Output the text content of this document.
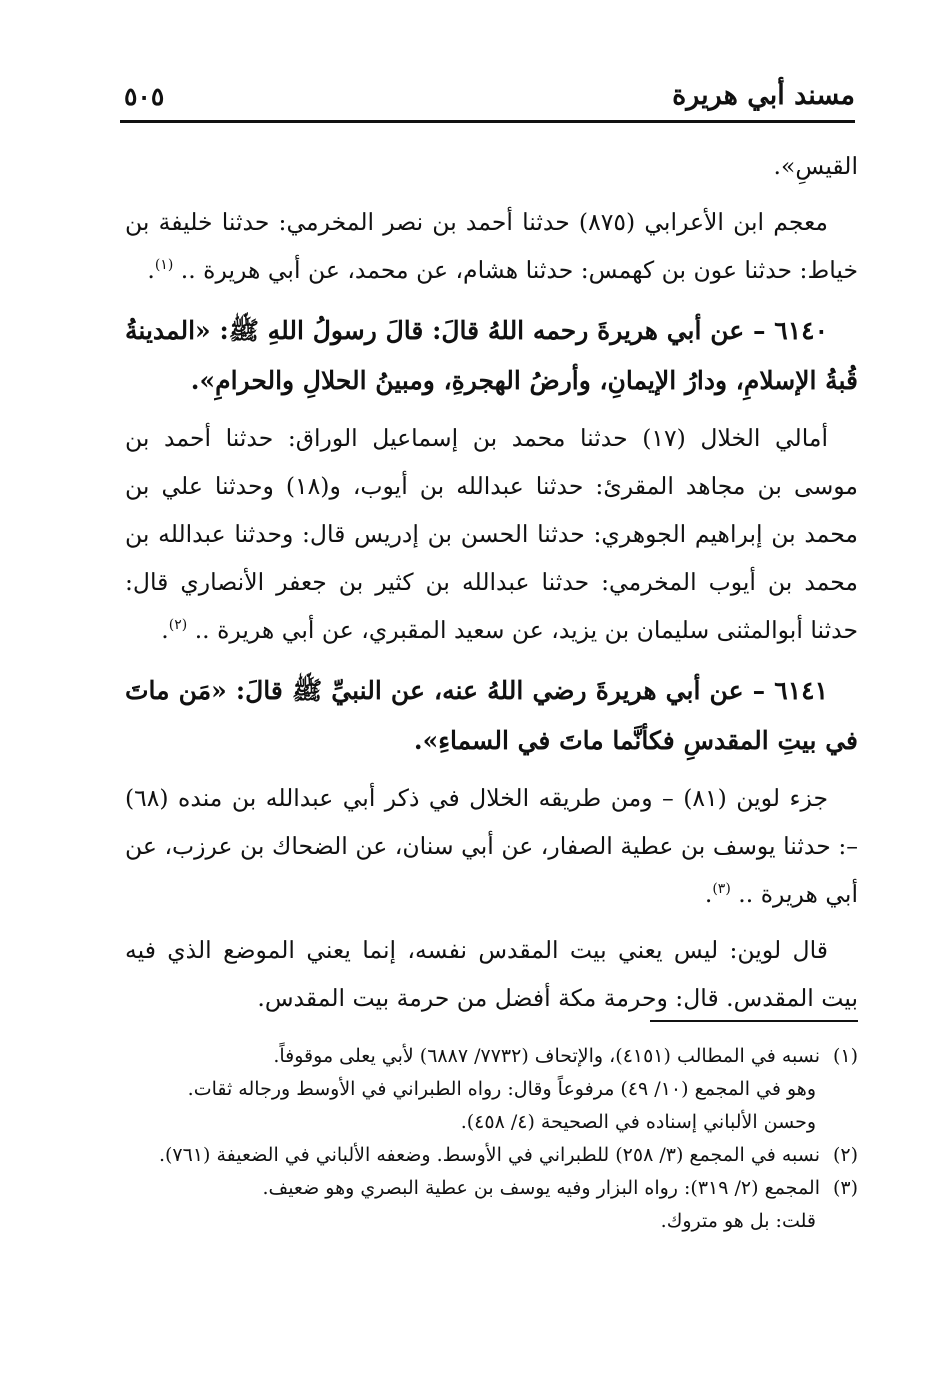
مسند أبي هريرة
٥٠٥

القيسِ».

معجم ابن الأعرابي (٨٧٥) حدثنا أحمد بن نصر المخرمي: حدثنا خليفة بن خياط: حدثنا عون بن كهمس: حدثنا هشام، عن محمد، عن أبي هريرة .. $^{(١)}$.

٦١٤٠ – عن أبي هريرةَ رحمه اللهُ قالَ: قالَ رسولُ اللهِ ﷺ: «المدينةُ قُبةُ الإسلامِ، ودارُ الإيمانِ، وأرضُ الهجرةِ، ومبينُ الحلالِ والحرامِ».

أمالي الخلال (١٧) حدثنا محمد بن إسماعيل الوراق: حدثنا أحمد بن موسى بن مجاهد المقرئ: حدثنا عبدالله بن أيوب، و(١٨) وحدثنا علي بن محمد بن إبراهيم الجوهري: حدثنا الحسن بن إدريس قال: وحدثنا عبدالله بن محمد بن أيوب المخرمي: حدثنا عبدالله بن كثير بن جعفر الأنصاري قال: حدثنا أبوالمثنى سليمان بن يزيد، عن سعيد المقبري، عن أبي هريرة .. $^{(٢)}$.

٦١٤١ – عن أبي هريرةَ رضي اللهُ عنه، عن النبيِّ ﷺ قالَ: «مَن ماتَ في بيتِ المقدسِ فكأنَّما ماتَ في السماءِ».

جزء لوين (٨١) – ومن طريقه الخلال في ذكر أبي عبدالله بن منده (٦٨) –: حدثنا يوسف بن عطية الصفار، عن أبي سنان، عن الضحاك بن عرزب، عن أبي هريرة .. $^{(٣)}$.

قال لوين: ليس يعني بيت المقدس نفسه، إنما يعني الموضع الذي فيه بيت المقدس. قال: وحرمة مكة أفضل من حرمة بيت المقدس.

(١)نسبه في المطالب (٤١٥١)، والإتحاف (٧٧٣٢/ ٦٨٨٧) لأبي يعلى موقوفاً.

وهو في المجمع (١٠/ ٤٩) مرفوعاً وقال: رواه الطبراني في الأوسط ورجاله ثقات.

وحسن الألباني إسناده في الصحيحة (٤/ ٤٥٨).

(٢)نسبه في المجمع (٣/ ٢٥٨) للطبراني في الأوسط. وضعفه الألباني في الضعيفة (٧٦١).

(٣)المجمع (٢/ ٣١٩): رواه البزار وفيه يوسف بن عطية البصري وهو ضعيف.

قلت: بل هو متروك.
